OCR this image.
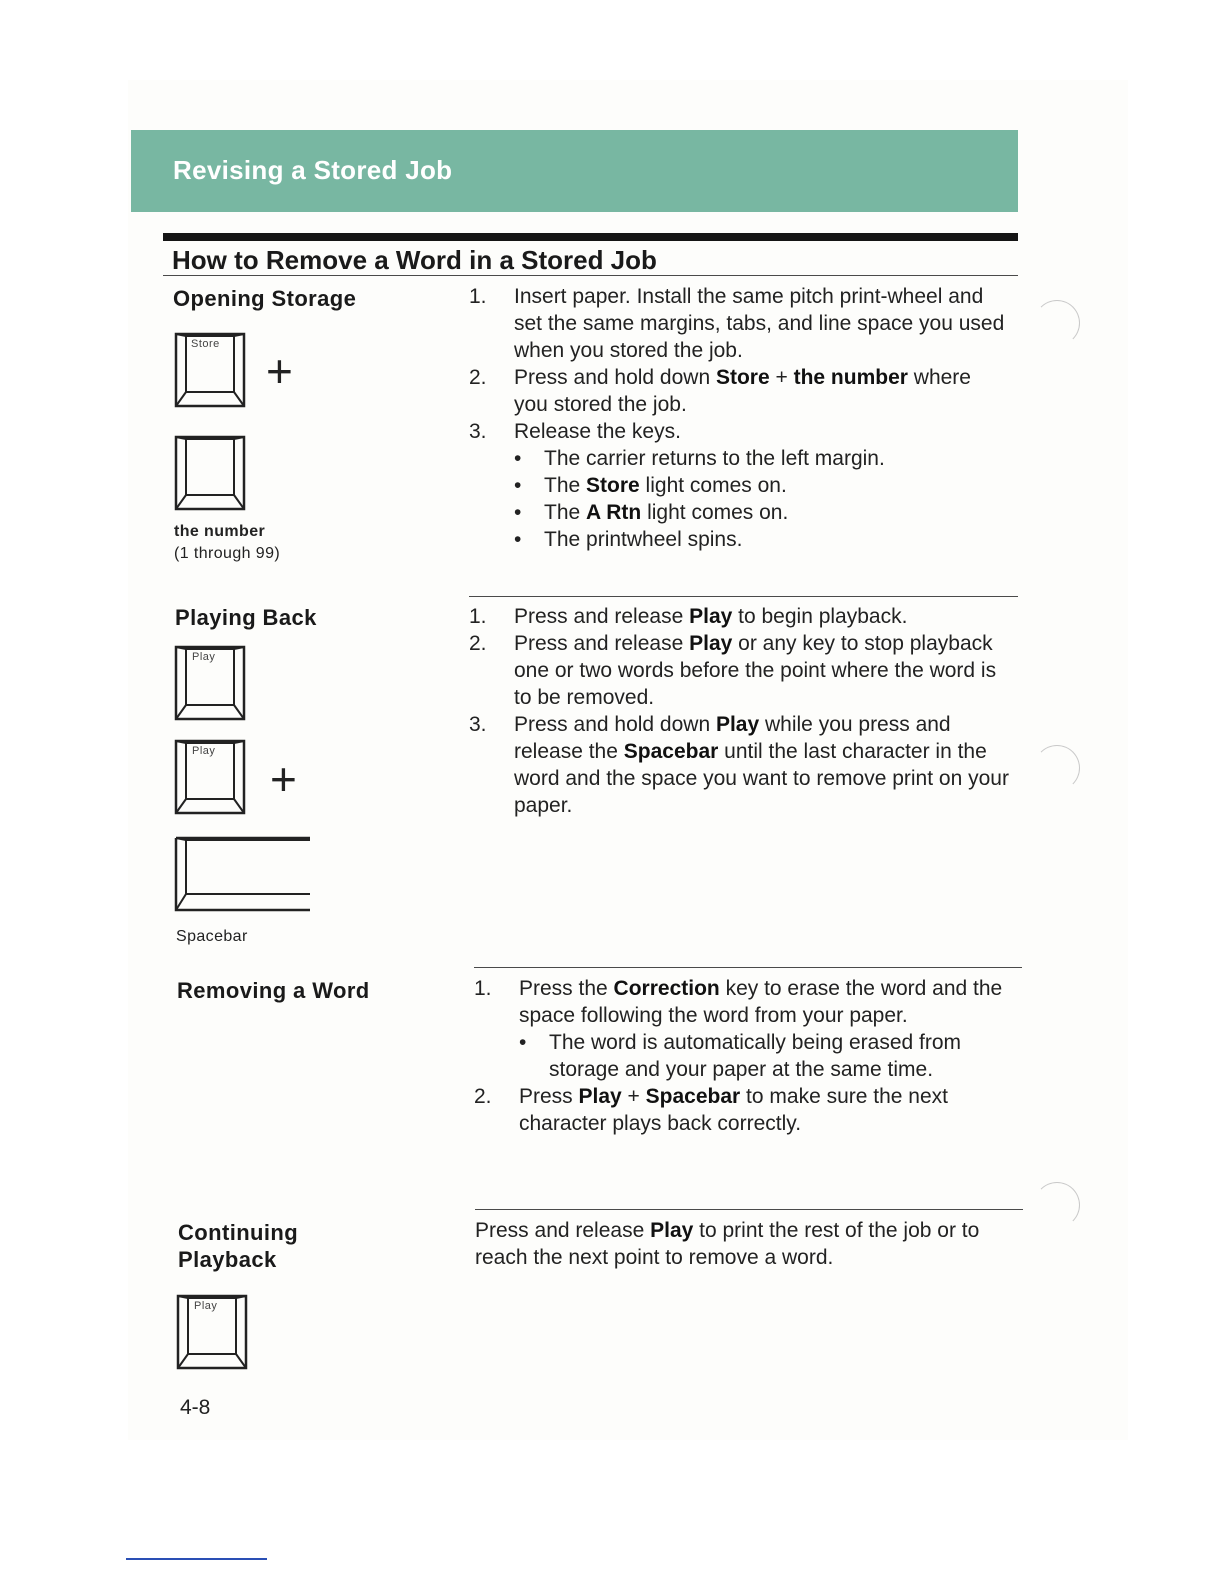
Revising a Stored Job
How to Remove a Word in a Stored Job
Opening Storage
Store
+
the number
(1 through 99)
1. Insert paper. Install the same pitch print-wheel and set the same margins, tabs, and line space you used when you stored the job.
2. Press and hold down Store + the number where you stored the job.
3. Release the keys.
• The carrier returns to the left margin.
• The Store light comes on.
• The A Rtn light comes on.
• The printwheel spins.
Playing Back
Play
Play
+
Spacebar
1. Press and release Play to begin playback.
2. Press and release Play or any key to stop playback one or two words before the point where the word is to be removed.
3. Press and hold down Play while you press and release the Spacebar until the last character in the word and the space you want to remove print on your paper.
Removing a Word	1. Press the Correction key to erase the word and the space following the word from your paper.
• The word is automatically being erased from storage and your paper at the same time.
2. Press Play + Spacebar to make sure the next character plays back correctly.
Continuing
Playback
Play
Press and release Play to print the rest of the job or to reach the next point to remove a word.
4-8
